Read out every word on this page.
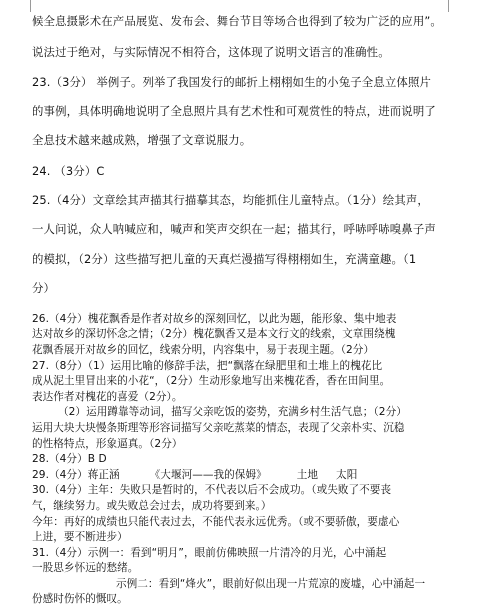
候全息摄影术在产品展览、发布会、舞台节目等场合也得到了较为广泛的应用”。
说法过于绝对，与实际情况不相符合，这体现了说明文语言的准确性。
23.（3分） 举例子。列举了我国发行的邮折上栩栩如生的小兔子全息立体照片
的事例，具体明确地说明了全息照片具有艺术性和可观赏性的特点，进而说明了
全息技术越来越成熟，增强了文章说服力。
24. （3分）C
25.（4分）文章绘其声描其行描摹其态，均能抓住儿童特点。（1分）绘其声，
一人问说，众人呐喊应和，喊声和笑声交织在一起；描其行，呼哧呼哧嗅鼻子声
的模拟，（2分）这些描写把儿童的天真烂漫描写得栩栩如生，充满童趣。（1
分）
26.（4分）槐花飘香是作者对故乡的深刻回忆，以此为题，能形象、集中地表
达对故乡的深切怀念之情；（2分）槐花飘香又是本文行文的线索，文章围绕槐
花飘香展开对故乡的回忆，线索分明，内容集中，易于表现主题。（2分）
27.（8分）（1）运用比喻的修辞手法，把“飘落在绿肥里和土堆上的槐花比
成从泥土里冒出来的小花“，（2分）生动形象地写出来槐花香，香在田间里。
表达作者对槐花的喜爱（2分）。
（2）运用蹲靠等动词，描写父亲吃饭的姿势，充满乡村生活气息；（2分）
运用大块大块慢条斯理等形容词描写父亲吃蒸菜的情态，表现了父亲朴实、沉稳
的性格特点，形象逼真。（2分）
28.（4分）B D
29.（4分）蒋正涵	《大堰河——我的保姆》	土地 太阳
30.（4分）主年：失败只是暂时的，不代表以后不会成功。（或失败了不要丧
气，继续努力。或失败总会过去，成功将要到来。）
今年：再好的成绩也只能代表过去，不能代表永远优秀。（或不要骄傲，要虚心
上进，要不断进步）
31.（4分）示例一：看到“明月”，眼前仿佛映照一片清冷的月光，心中涌起
一股思乡怀远的愁绪。
示例二：看到“烽火”，眼前好似出现一片荒凉的废墟，心中涌起一
份感时伤怀的慨叹。
